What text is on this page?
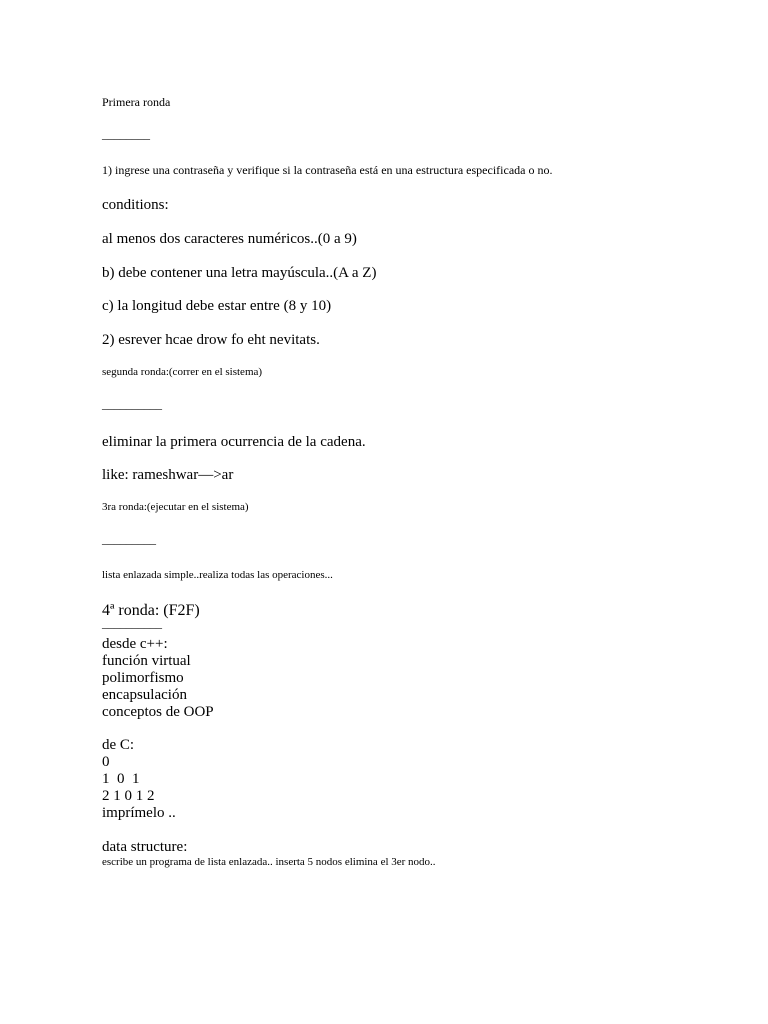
Primera ronda

________

1) ingrese una contraseña y verifique si la contraseña está en una estructura especificada o no.

conditions:

al menos dos caracteres numéricos..(0 a 9)

b) debe contener una letra mayúscula..(A a Z)

c) la longitud debe estar entre (8 y 10)

2) esrever hcae drow fo eht nevitats.

segunda ronda:(correr en el sistema)

__________

eliminar la primera ocurrencia de la cadena.

like: rameshwar—>ar

3ra ronda:(ejecutar en el sistema)

_________

lista enlazada simple..realiza todas las operaciones...

4ª ronda: (F2F)

__________

desde c++:

función virtual

polimorfismo

encapsulación

conceptos de OOP

de C:

0

1  0  1

2 1 0 1 2

imprímelo ..

data structure:

escribe un programa de lista enlazada.. inserta 5 nodos elimina el 3er nodo..
